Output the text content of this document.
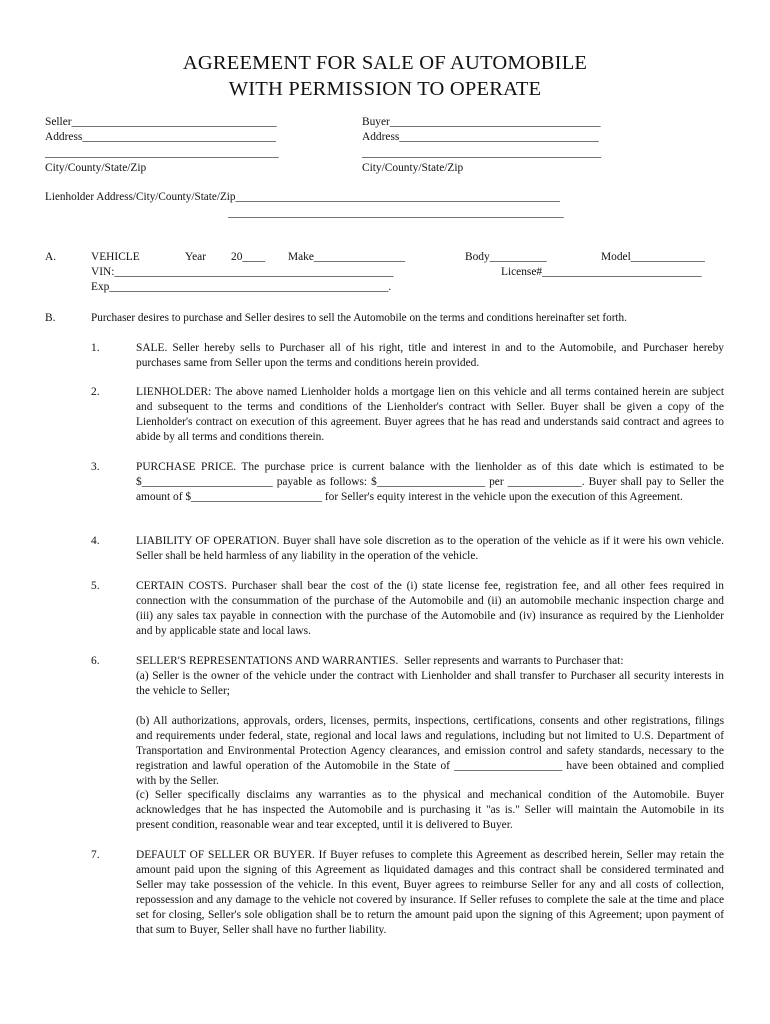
AGREEMENT FOR SALE OF AUTOMOBILE
WITH PERMISSION TO OPERATE
Seller____________________________________
Address__________________________________
_________________________________________
City/County/State/Zip
Buyer_____________________________________
Address___________________________________
__________________________________________
City/County/State/Zip
Lienholder Address/City/County/State/Zip__________________________________________________________
____________________________________________________________
A.	VEHICLE	Year 20____ Make________________	Body__________	Model_____________
VIN:_________________________________________________	License#____________________________
Exp_________________________________________________.
B.	Purchaser desires to purchase and Seller desires to sell the Automobile on the terms and conditions hereinafter set forth.
1.	SALE. Seller hereby sells to Purchaser all of his right, title and interest in and to the Automobile, and Purchaser hereby purchases same from Seller upon the terms and conditions herein provided.
2.	LIENHOLDER: The above named Lienholder holds a mortgage lien on this vehicle and all terms contained herein are subject and subsequent to the terms and conditions of the Lienholder's contract with Seller. Buyer shall be given a copy of the Lienholder's contract on execution of this agreement. Buyer agrees that he has read and understands said contract and agrees to abide by all terms and conditions therein.
3.	PURCHASE PRICE. The purchase price is current balance with the lienholder as of this date which is estimated to be $_______________________ payable as follows: $___________________ per _____________. Buyer shall pay to Seller the amount of $_______________________ for Seller's equity interest in the vehicle upon the execution of this Agreement.
4.	LIABILITY OF OPERATION. Buyer shall have sole discretion as to the operation of the vehicle as if it were his own vehicle. Seller shall be held harmless of any liability in the operation of the vehicle.
5.	CERTAIN COSTS. Purchaser shall bear the cost of the (i) state license fee, registration fee, and all other fees required in connection with the consummation of the purchase of the Automobile and (ii) an automobile mechanic inspection charge and (iii) any sales tax payable in connection with the purchase of the Automobile and (iv) insurance as required by the Lienholder and by applicable state and local laws.
6.	SELLER'S REPRESENTATIONS AND WARRANTIES.  Seller represents and warrants to Purchaser that:
(a) Seller is the owner of the vehicle under the contract with Lienholder and shall transfer to Purchaser all security interests in the vehicle to Seller;
(b) All authorizations, approvals, orders, licenses, permits, inspections, certifications, consents and other registrations, filings and requirements under federal, state, regional and local laws and regulations, including but not limited to U.S. Department of Transportation and Environmental Protection Agency clearances, and emission control and safety standards, necessary to the registration and lawful operation of the Automobile in the State of ___________________ have been obtained and complied with by the Seller.
(c) Seller specifically disclaims any warranties as to the physical and mechanical condition of the Automobile. Buyer acknowledges that he has inspected the Automobile and is purchasing it "as is." Seller will maintain the Automobile in its present condition, reasonable wear and tear excepted, until it is delivered to Buyer.
7.	DEFAULT OF SELLER OR BUYER. If Buyer refuses to complete this Agreement as described herein, Seller may retain the amount paid upon the signing of this Agreement as liquidated damages and this contract shall be considered terminated and Seller may take possession of the vehicle. In this event, Buyer agrees to reimburse Seller for any and all costs of collection, repossession and any damage to the vehicle not covered by insurance. If Seller refuses to complete the sale at the time and place set for closing, Seller's sole obligation shall be to return the amount paid upon the signing of this Agreement; upon payment of that sum to Buyer, Seller shall have no further liability.
